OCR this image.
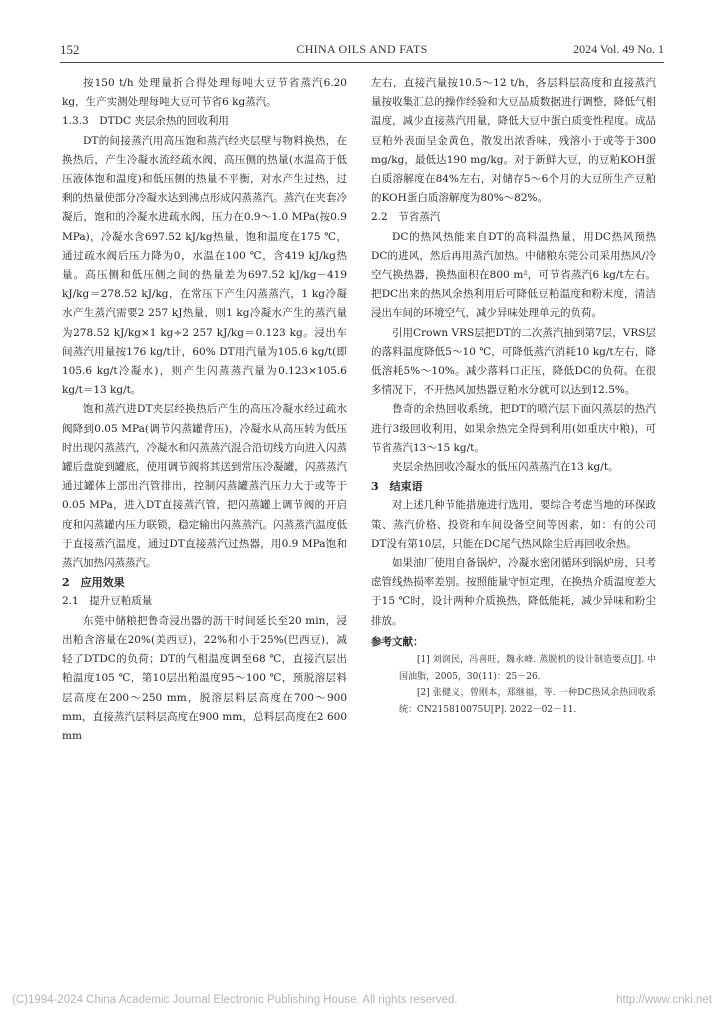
152	CHINA OILS AND FATS	2024 Vol. 49 No. 1

按150 t/h 处理量折合得处理每吨大豆节省蒸汽6.20 kg，生产实测处理每吨大豆可节省6 kg蒸汽。

1.3.3　DTDC 夹层余热的回收利用

DT的间接蒸汽用高压饱和蒸汽经夹层壁与物料换热，在换热后，产生冷凝水流经疏水阀，高压侧的热量(水温高于低压液体饱和温度)和低压侧的热量不平衡，对水产生过热，过剩的热量使部分冷凝水达到沸点形成闪蒸蒸汽。蒸汽在夹套冷凝后，饱和的冷凝水进疏水阀，压力在0.9～1.0 MPa(按0.9 MPa)，冷凝水含697.52 kJ/kg热量，饱和温度在175 ℃，通过疏水阀后压力降为0，水温在100 ℃，含419 kJ/kg热量。高压侧和低压侧之间的热量差为697.52 kJ/kg－419 kJ/kg＝278.52 kJ/kg，在常压下产生闪蒸蒸汽，1 kg冷凝水产生蒸汽需要2 257 kJ热量，则1 kg冷凝水产生的蒸汽量为278.52 kJ/kg×1 kg÷2 257 kJ/kg＝0.123 kg。浸出车间蒸汽用量按176 kg/t计，60% DT用汽量为105.6 kg/t(即105.6 kg/t冷凝水)，则产生闪蒸蒸汽量为0.123×105.6 kg/t＝13 kg/t。

饱和蒸汽进DT夹层经换热后产生的高压冷凝水经过疏水阀降到0.05 MPa(调节闪蒸罐背压)，冷凝水从高压转为低压时出现闪蒸蒸汽，冷凝水和闪蒸蒸汽混合沿切线方向进入闪蒸罐后盘旋到罐底，使用调节阀将其送到常压冷凝罐，闪蒸蒸汽通过罐体上部出汽管排出，控制闪蒸罐蒸汽压力大于或等于0.05 MPa，进入DT直接蒸汽管，把闪蒸罐上调节阀的开启度和闪蒸罐内压力联锁，稳定输出闪蒸蒸汽。闪蒸蒸汽温度低于直接蒸汽温度，通过DT直接蒸汽过热器，用0.9 MPa饱和蒸汽加热闪蒸蒸汽。

2　应用效果
2.1　提升豆粕质量

东莞中储粮把鲁奇浸出器的沥干时间延长至20 min，浸出粕含溶量在20%(美西豆)，22%和小于25%(巴西豆)，减轻了DTDC的负荷；DT的气相温度调至68 ℃，直接汽层出粕温度105 ℃，第10层出粕温度95～100 ℃，预脱溶层料层高度在200～250 mm，脱溶层料层高度在700～900 mm，直接蒸汽层料层高度在900 mm，总料层高度在2 600 mm

左右，直接汽量按10.5～12 t/h，各层料层高度和直接蒸汽量按收集汇总的操作经验和大豆品质数据进行调整，降低气相温度，减少直接蒸汽用量，降低大豆中蛋白质变性程度。成品豆粕外表面呈金黄色，散发出浓香味，残溶小于或等于300 mg/kg，最低达190 mg/kg。对于新鲜大豆，的豆粕KOH蛋白质溶解度在84%左右，对储存5～6个月的大豆所生产豆粕的KOH蛋白质溶解度为80%～82%。

2.2　节省蒸汽

DC的热风热能来自DT的高料温热量，用DC热风预热DC的进风，然后再用蒸汽加热。中储粮东莞公司采用热风/冷空气换热器，换热面积在800 m²，可节省蒸汽6 kg/t左右。把DC出来的热风余热利用后可降低豆粕温度和粉末度，清洁浸出车间的环境空气，减少异味处理单元的负荷。

引用Crown VRS层把DT的二次蒸汽抽到第7层，VRS层的落料温度降低5～10 ℃，可降低蒸汽消耗10 kg/t左右，降低溶耗5%～10%。减少落料口正压，降低DC的负荷。在很多情况下，不开热风加热器豆粕水分就可以达到12.5%。

鲁奇的余热回收系统，把DT的喷汽层下面闪蒸层的热汽进行3级回收利用，如果余热完全得到利用(如重庆中粮)，可节省蒸汽13～15 kg/t。

夹层余热回收冷凝水的低压闪蒸蒸汽在13 kg/t。

3　结束语

对上述几种节能措施进行选用，要综合考虑当地的环保政策、蒸汽价格、投资和车间设备空间等因素，如：有的公司DT没有第10层，只能在DC尾气热风除尘后再回收余热。

如果油厂使用自备锅炉，冷凝水密闭循环到锅炉房，只考虑管线热损率差别。按照能量守恒定理，在换热介质温度差大于15 ℃时，设计两种介质换热，降低能耗，减少异味和粉尘排放。

参考文献：

[1] 刘润民，冯喜旺，魏永峰. 蒸脱机的设计制造要点[J]. 中国油脂，2005，30(11)：25－26.

[2] 张健义，曾刚本，郑继福，等. 一种DC热风余热回收系统：CN215810075U[P]. 2022－02－11.

(C)1994-2024 China Academic Journal Electronic Publishing House. All rights reserved.	http://www.cnki.net
